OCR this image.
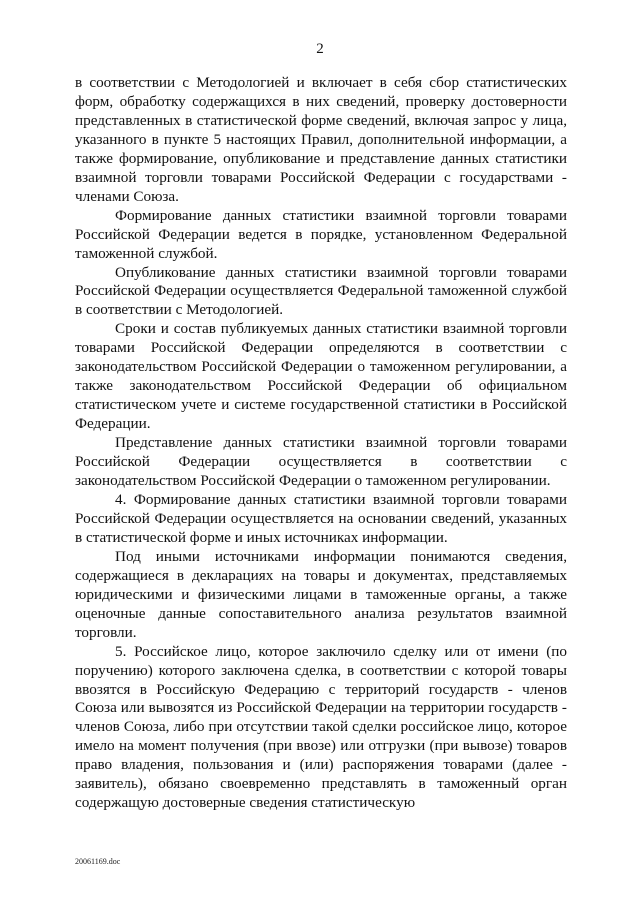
2

в соответствии с Методологией и включает в себя сбор статистических форм, обработку содержащихся в них сведений, проверку достоверности представленных в статистической форме сведений, включая запрос у лица, указанного в пункте 5 настоящих Правил, дополнительной информации, а также формирование, опубликование и представление данных статистики взаимной торговли товарами Российской Федерации с государствами - членами Союза.

Формирование данных статистики взаимной торговли товарами Российской Федерации ведется в порядке, установленном Федеральной таможенной службой.

Опубликование данных статистики взаимной торговли товарами Российской Федерации осуществляется Федеральной таможенной службой в соответствии с Методологией.

Сроки и состав публикуемых данных статистики взаимной торговли товарами Российской Федерации определяются в соответствии с законодательством Российской Федерации о таможенном регулировании, а также законодательством Российской Федерации об официальном статистическом учете и системе государственной статистики в Российской Федерации.

Представление данных статистики взаимной торговли товарами Российской Федерации осуществляется в соответствии с законодательством Российской Федерации о таможенном регулировании.

4. Формирование данных статистики взаимной торговли товарами Российской Федерации осуществляется на основании сведений, указанных в статистической форме и иных источниках информации.

Под иными источниками информации понимаются сведения, содержащиеся в декларациях на товары и документах, представляемых юридическими и физическими лицами в таможенные органы, а также оценочные данные сопоставительного анализа результатов взаимной торговли.

5. Российское лицо, которое заключило сделку или от имени (по поручению) которого заключена сделка, в соответствии с которой товары ввозятся в Российскую Федерацию с территорий государств - членов Союза или вывозятся из Российской Федерации на территории государств - членов Союза, либо при отсутствии такой сделки российское лицо, которое имело на момент получения (при ввозе) или отгрузки (при вывозе) товаров право владения, пользования и (или) распоряжения товарами (далее - заявитель), обязано своевременно представлять в таможенный орган содержащую достоверные сведения статистическую

20061169.doc
